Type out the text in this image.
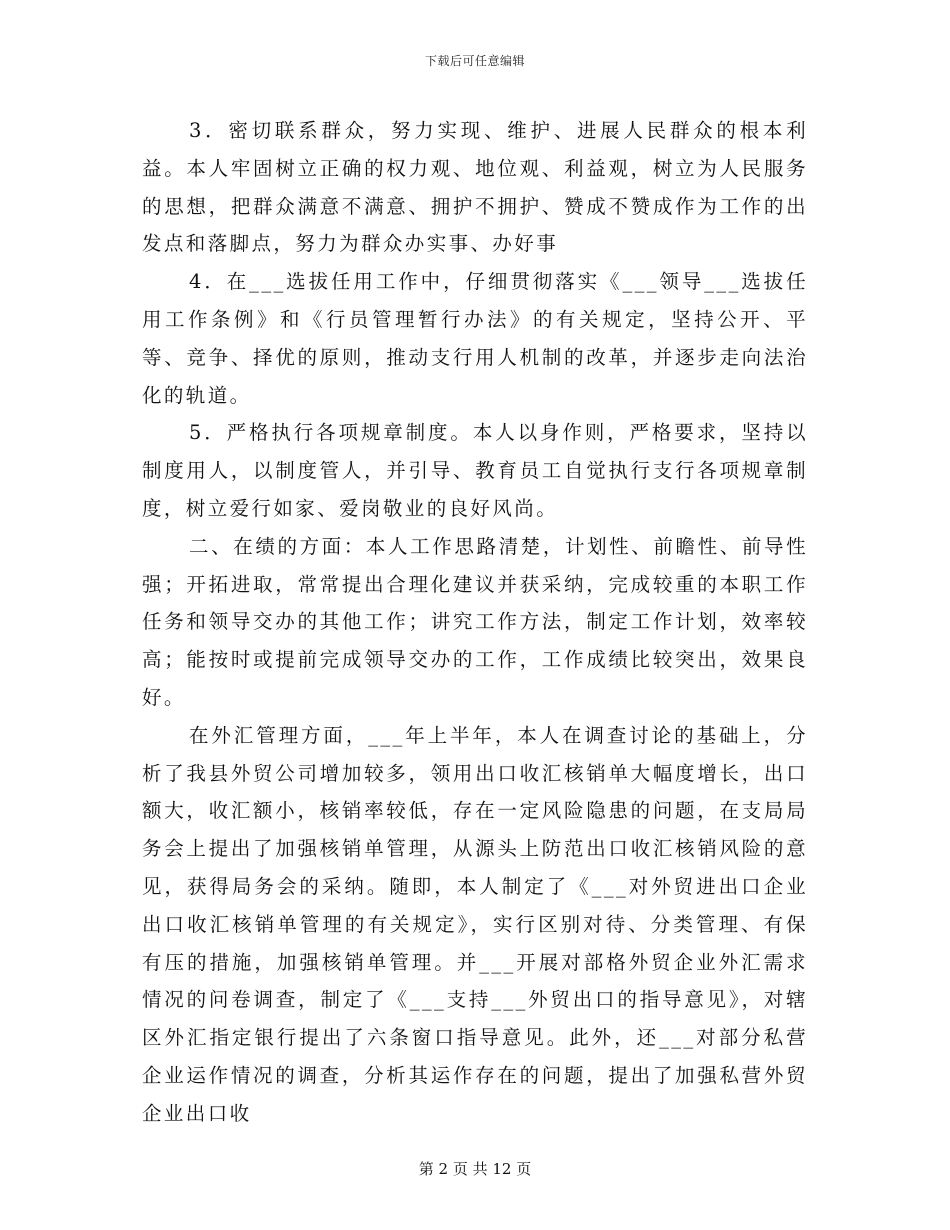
下载后可任意编辑

3．密切联系群众，努力实现、维护、进展人民群众的根本利益。本人牢固树立正确的权力观、地位观、利益观，树立为人民服务的思想，把群众满意不满意、拥护不拥护、赞成不赞成作为工作的出发点和落脚点，努力为群众办实事、办好事

4．在___选拔任用工作中，仔细贯彻落实《___领导___选拔任用工作条例》和《行员管理暂行办法》的有关规定，坚持公开、平等、竞争、择优的原则，推动支行用人机制的改革，并逐步走向法治化的轨道。

5．严格执行各项规章制度。本人以身作则，严格要求，坚持以制度用人，以制度管人，并引导、教育员工自觉执行支行各项规章制度，树立爱行如家、爱岗敬业的良好风尚。

二、在绩的方面：本人工作思路清楚，计划性、前瞻性、前导性强；开拓进取，常常提出合理化建议并获采纳，完成较重的本职工作任务和领导交办的其他工作；讲究工作方法，制定工作计划，效率较高；能按时或提前完成领导交办的工作，工作成绩比较突出，效果良好。

在外汇管理方面，___年上半年，本人在调查讨论的基础上，分析了我县外贸公司增加较多，领用出口收汇核销单大幅度增长，出口额大，收汇额小，核销率较低，存在一定风险隐患的问题，在支局局务会上提出了加强核销单管理，从源头上防范出口收汇核销风险的意见，获得局务会的采纳。随即，本人制定了《___对外贸进出口企业出口收汇核销单管理的有关规定》，实行区别对待、分类管理、有保有压的措施，加强核销单管理。并___开展对部格外贸企业外汇需求情况的问卷调查，制定了《___支持___外贸出口的指导意见》，对辖区外汇指定银行提出了六条窗口指导意见。此外，还___对部分私营企业运作情况的调查，分析其运作存在的问题，提出了加强私营外贸企业出口收

第 2 页 共 12 页
